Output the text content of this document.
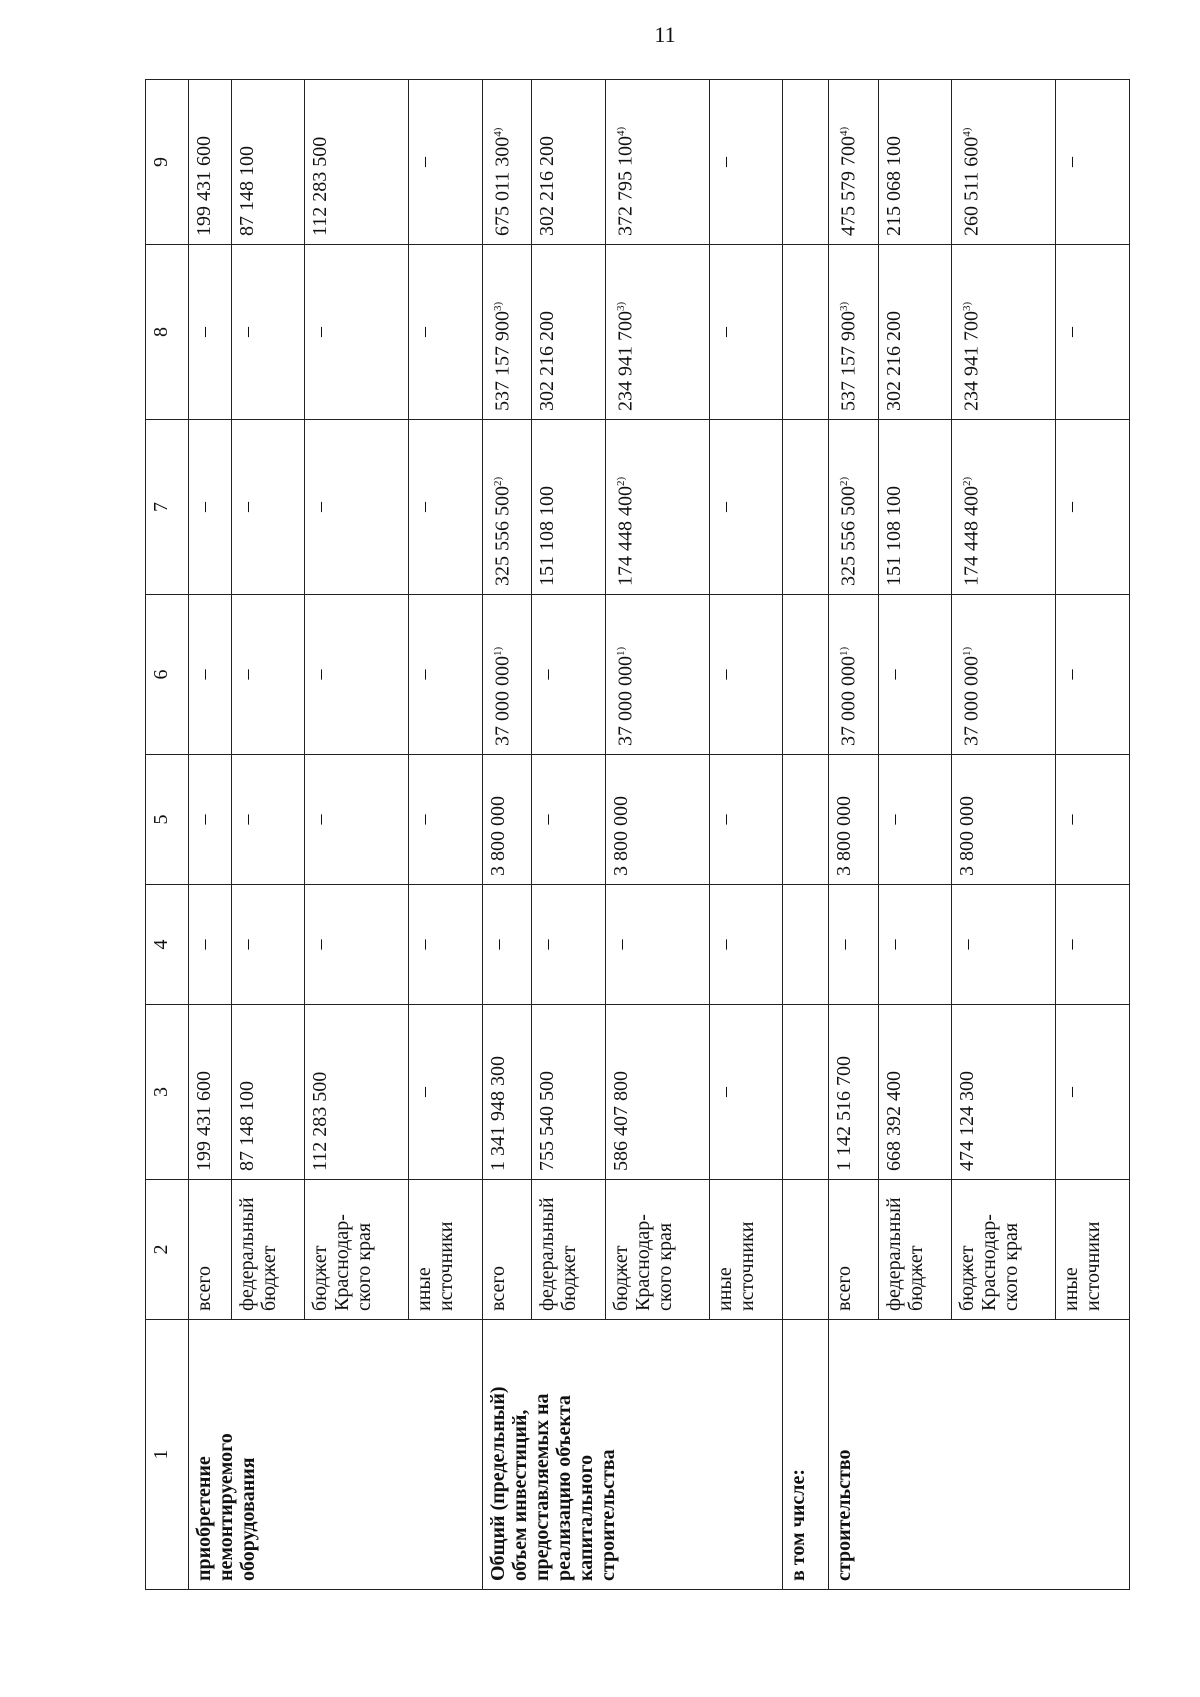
11
1	2	3	4	5	6	7	8	9
приобретение немонтируемого оборудования	всего	199 431 600	–	–	–	–	–	199 431 600
	федеральный бюджет	87 148 100	–	–	–	–	–	87 148 100
	бюджет Краснодар-ского края	112 283 500	–	–	–	–	–	112 283 500
	иные источники	–	–	–	–	–	–	–
Общий (предельный) объем инвестиций, предоставляемых на реализацию объекта капитального строительства	всего	1 341 948 300	–	3 800 000	37 000 000$^{1)}$	325 556 500$^{2)}$	537 157 900$^{3)}$	675 011 300$^{4)}$
	федеральный бюджет	755 540 500	–	–	–	151 108 100	302 216 200	302 216 200
	бюджет Краснодар-ского края	586 407 800	–	3 800 000	37 000 000$^{1)}$	174 448 400$^{2)}$	234 941 700$^{3)}$	372 795 100$^{4)}$
	иные источники	–	–	–	–	–	–	–
в том числе:								
строительство	всего	1 142 516 700	–	3 800 000	37 000 000$^{1)}$	325 556 500$^{2)}$	537 157 900$^{3)}$	475 579 700$^{4)}$
	федеральный бюджет	668 392 400	–	–	–	151 108 100	302 216 200	215 068 100
	бюджет Краснодар-ского края	474 124 300	–	3 800 000	37 000 000$^{1)}$	174 448 400$^{2)}$	234 941 700$^{3)}$	260 511 600$^{4)}$
	иные источники	–	–	–	–	–	–	–
